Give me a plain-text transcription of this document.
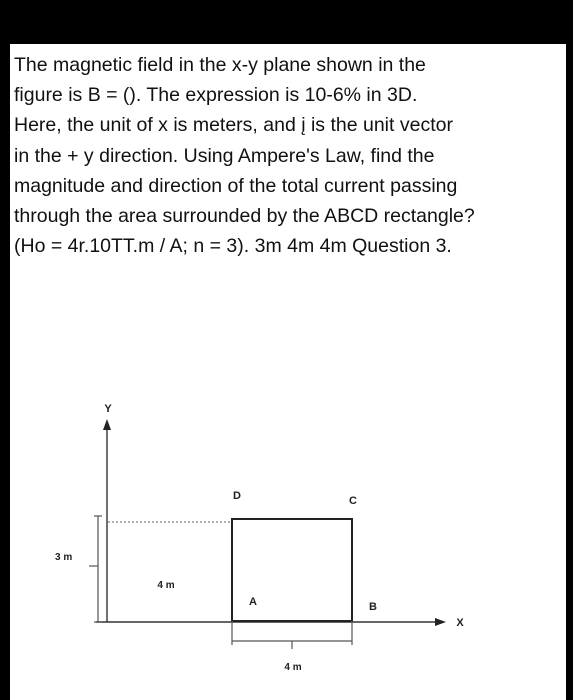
The magnetic field in the x-y plane shown in the
figure is B = (). The expression is 10-6% in 3D.
Here, the unit of x is meters, and į is the unit vector
in the + y direction. Using Ampere's Law, find the
magnitude and direction of the total current passing
through the area surrounded by the ABCD rectangle?
(Ho = 4r.10TT.m / A; n = 3). 3m 4m 4m Question 3.
Y
X
3 m
4 m
4 m
D	C
A	B
